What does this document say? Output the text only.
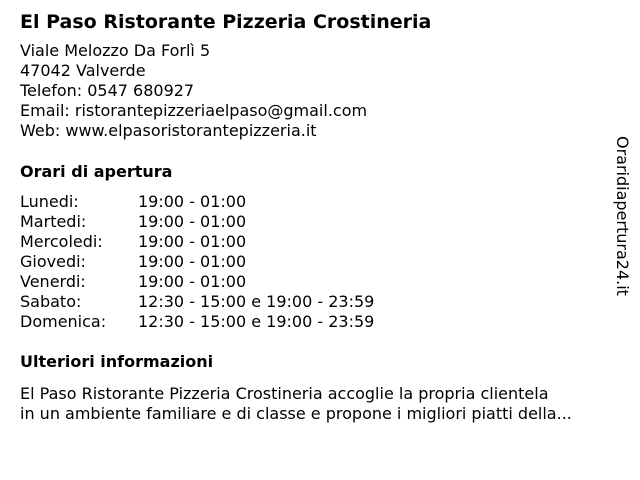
El Paso Ristorante Pizzeria Crostineria
Viale Melozzo Da Forlì 5
47042 Valverde
Telefon: 0547 680927
Email: ristorantepizzeriaelpaso@gmail.com
Web: www.elpasoristorantepizzeria.it
Orari di apertura
Lunedi:	19:00 - 01:00
Martedi:	19:00 - 01:00
Mercoledi:	19:00 - 01:00
Giovedi:	19:00 - 01:00
Venerdi:	19:00 - 01:00
Sabato:	12:30 - 15:00 e 19:00 - 23:59
Domenica:	12:30 - 15:00 e 19:00 - 23:59
Ulteriori informazioni
El Paso Ristorante Pizzeria Crostineria accoglie la propria clientela
in un ambiente familiare e di classe e propone i migliori piatti della...
Oraridiapertura24.it
